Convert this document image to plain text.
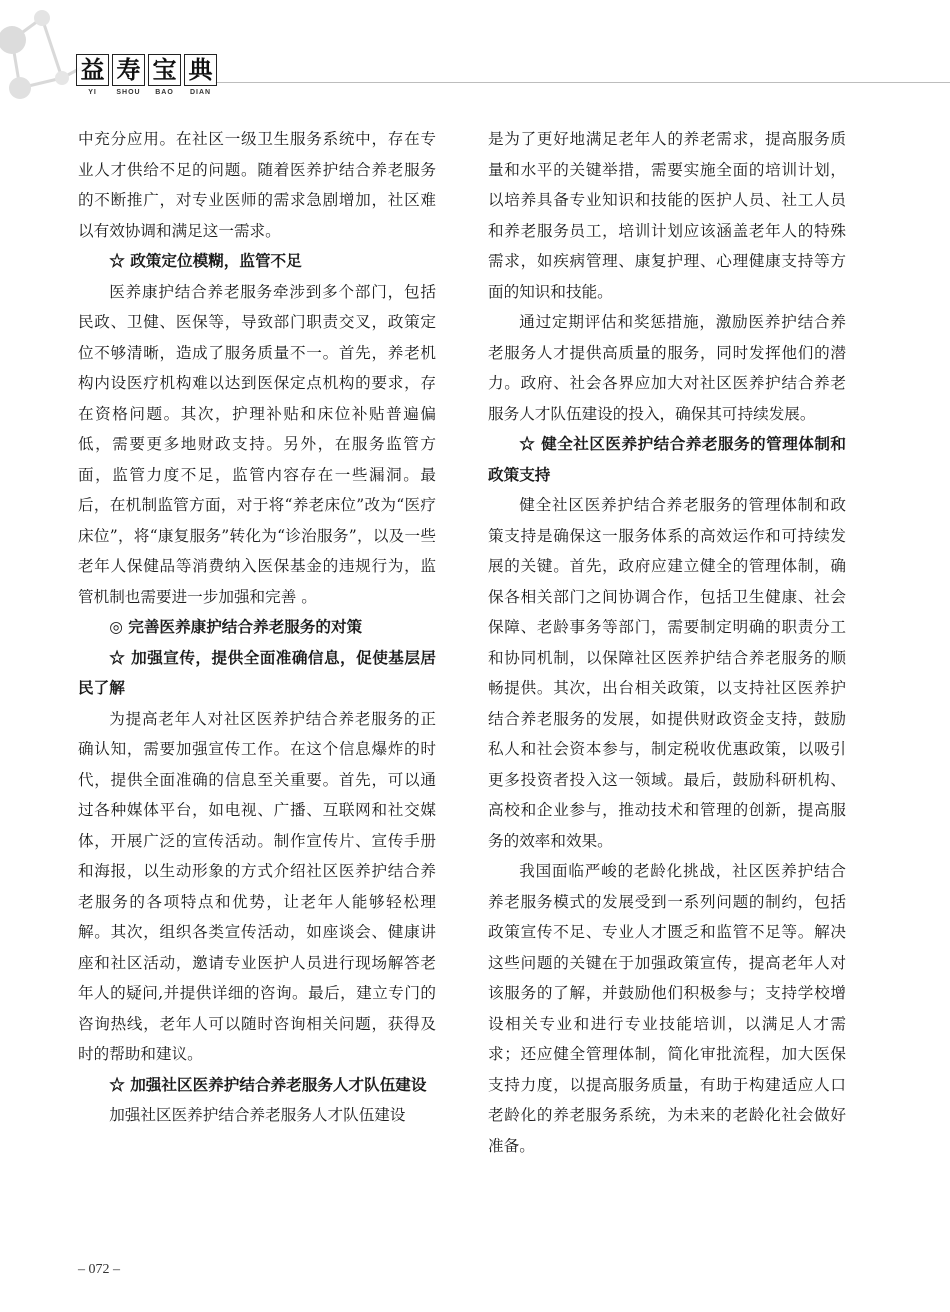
益 寿 宝 典
YI	SHOU	BAO	DIAN

中充分应用。在社区一级卫生服务系统中，存在专业人才供给不足的问题。随着医养护结合养老服务的不断推广，对专业医师的需求急剧增加，社区难以有效协调和满足这一需求。

☆ 政策定位模糊，监管不足

医养康护结合养老服务牵涉到多个部门，包括民政、卫健、医保等，导致部门职责交叉，政策定位不够清晰，造成了服务质量不一。首先，养老机构内设医疗机构难以达到医保定点机构的要求，存在资格问题。其次，护理补贴和床位补贴普遍偏低，需要更多地财政支持。另外，在服务监管方面，监管力度不足，监管内容存在一些漏洞。最后，在机制监管方面，对于将“养老床位”改为“医疗床位”，将“康复服务”转化为“诊治服务”，以及一些老年人保健品等消费纳入医保基金的违规行为，监管机制也需要进一步加强和完善 。

◎ 完善医养康护结合养老服务的对策

☆ 加强宣传，提供全面准确信息，促使基层居民了解

为提高老年人对社区医养护结合养老服务的正确认知，需要加强宣传工作。在这个信息爆炸的时代，提供全面准确的信息至关重要。首先，可以通过各种媒体平台，如电视、广播、互联网和社交媒体，开展广泛的宣传活动。制作宣传片、宣传手册和海报，以生动形象的方式介绍社区医养护结合养老服务的各项特点和优势，让老年人能够轻松理解。其次，组织各类宣传活动，如座谈会、健康讲座和社区活动，邀请专业医护人员进行现场解答老年人的疑问,并提供详细的咨询。最后，建立专门的咨询热线，老年人可以随时咨询相关问题，获得及时的帮助和建议。

☆ 加强社区医养护结合养老服务人才队伍建设

加强社区医养护结合养老服务人才队伍建设

是为了更好地满足老年人的养老需求，提高服务质量和水平的关键举措，需要实施全面的培训计划，以培养具备专业知识和技能的医护人员、社工人员和养老服务员工，培训计划应该涵盖老年人的特殊需求，如疾病管理、康复护理、心理健康支持等方面的知识和技能。

通过定期评估和奖惩措施，激励医养护结合养老服务人才提供高质量的服务，同时发挥他们的潜力。政府、社会各界应加大对社区医养护结合养老服务人才队伍建设的投入，确保其可持续发展。

☆ 健全社区医养护结合养老服务的管理体制和政策支持

健全社区医养护结合养老服务的管理体制和政策支持是确保这一服务体系的高效运作和可持续发展的关键。首先，政府应建立健全的管理体制，确保各相关部门之间协调合作，包括卫生健康、社会保障、老龄事务等部门，需要制定明确的职责分工和协同机制，以保障社区医养护结合养老服务的顺畅提供。其次，出台相关政策，以支持社区医养护结合养老服务的发展，如提供财政资金支持，鼓励私人和社会资本参与，制定税收优惠政策，以吸引更多投资者投入这一领域。最后，鼓励科研机构、高校和企业参与，推动技术和管理的创新，提高服务的效率和效果。

我国面临严峻的老龄化挑战，社区医养护结合养老服务模式的发展受到一系列问题的制约，包括政策宣传不足、专业人才匮乏和监管不足等。解决这些问题的关键在于加强政策宣传，提高老年人对该服务的了解，并鼓励他们积极参与；支持学校增设相关专业和进行专业技能培训，以满足人才需求；还应健全管理体制，简化审批流程，加大医保支持力度，以提高服务质量，有助于构建适应人口老龄化的养老服务系统，为未来的老龄化社会做好准备。

– 072 –
